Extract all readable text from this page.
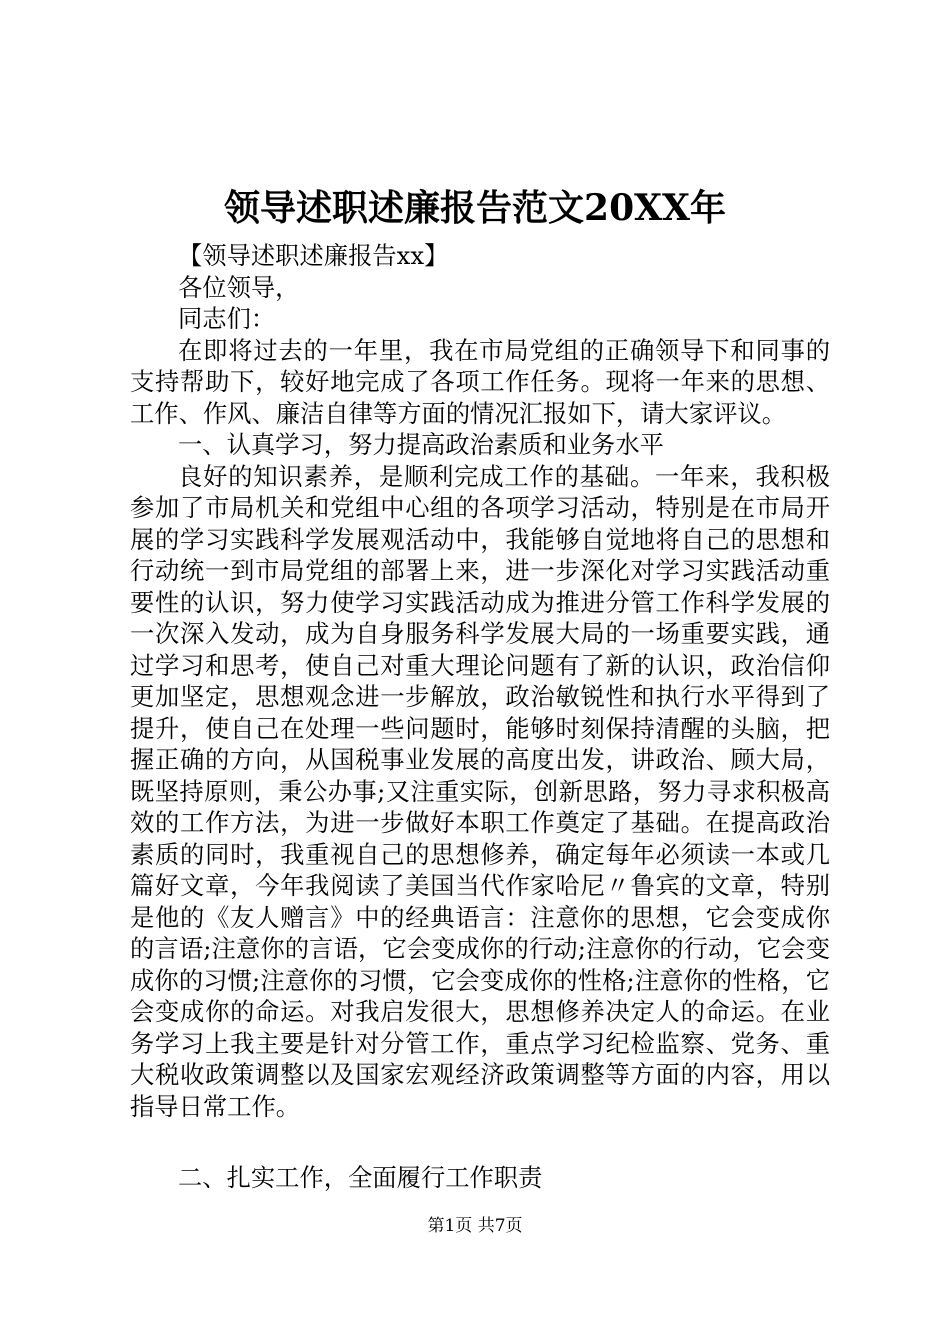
领导述职述廉报告范文20XX年

【领导述职述廉报告xx】

各位领导，

同志们：

在即将过去的一年里，我在市局党组的正确领导下和同事的支持帮助下，较好地完成了各项工作任务。现将一年来的思想、工作、作风、廉洁自律等方面的情况汇报如下，请大家评议。

一、认真学习，努力提高政治素质和业务水平

良好的知识素养，是顺利完成工作的基础。一年来，我积极参加了市局机关和党组中心组的各项学习活动，特别是在市局开展的学习实践科学发展观活动中，我能够自觉地将自己的思想和行动统一到市局党组的部署上来，进一步深化对学习实践活动重要性的认识，努力使学习实践活动成为推进分管工作科学发展的一次深入发动，成为自身服务科学发展大局的一场重要实践，通过学习和思考，使自己对重大理论问题有了新的认识，政治信仰更加坚定，思想观念进一步解放，政治敏锐性和执行水平得到了提升，使自己在处理一些问题时，能够时刻保持清醒的头脑，把握正确的方向，从国税事业发展的高度出发，讲政治、顾大局，既坚持原则，秉公办事;又注重实际，创新思路，努力寻求积极高效的工作方法，为进一步做好本职工作奠定了基础。在提高政治素质的同时，我重视自己的思想修养，确定每年必须读一本或几篇好文章，今年我阅读了美国当代作家哈尼〃鲁宾的文章，特别是他的《友人赠言》中的经典语言：注意你的思想，它会变成你的言语;注意你的言语，它会变成你的行动;注意你的行动，它会变成你的习惯;注意你的习惯，它会变成你的性格;注意你的性格，它会变成你的命运。对我启发很大，思想修养决定人的命运。在业务学习上我主要是针对分管工作，重点学习纪检监察、党务、重大税收政策调整以及国家宏观经济政策调整等方面的内容，用以指导日常工作。

二、扎实工作，全面履行工作职责

第1页 共7页
